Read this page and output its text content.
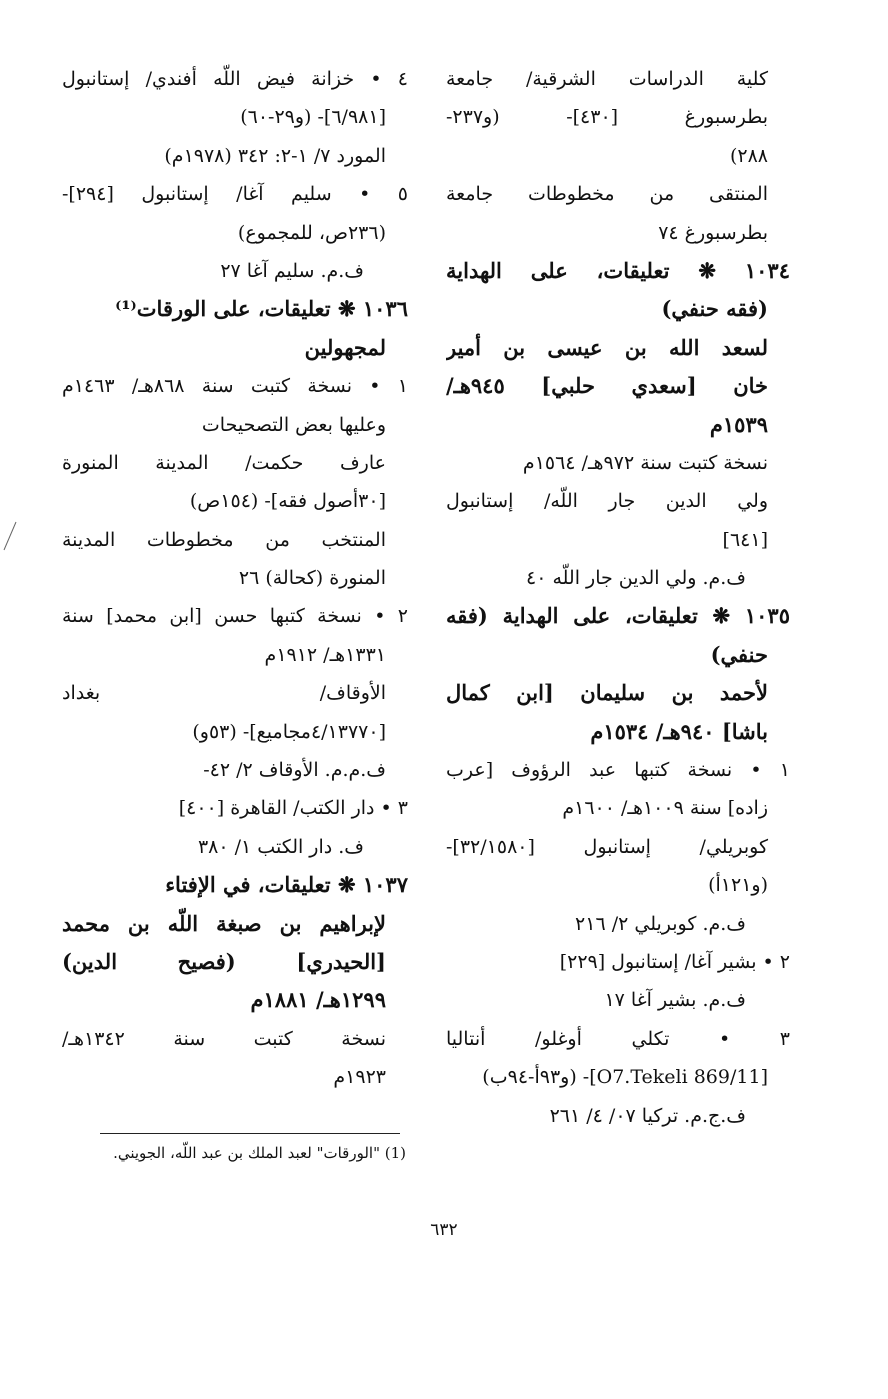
كلية الدراسات الشرقية/ جامعة
بطرسبورغ [٤٣٠]- (و٢٣٧-
٢٨٨)
المنتقى من مخطوطات جامعة
بطرسبورغ ٧٤
١٠٣٤ ❋ تعليقات، على الهداية
(فقه حنفي)
لسعد الله بن عيسى بن أمير
خان [سعدي حلبي] ٩٤٥هـ/
١٥٣٩م
نسخة كتبت سنة ٩٧٢هـ/ ١٥٦٤م
ولي الدين جار اللّه/ إستانبول
[٦٤١]
ف.م. ولي الدين جار اللّه ٤٠
١٠٣٥ ❋ تعليقات، على الهداية (فقه
حنفي)
لأحمد بن سليمان [ابن كمال
باشا] ٩٤٠هـ/ ١٥٣٤م
١ • نسخة كتبها عبد الرؤوف [عرب
زاده] سنة ١٠٠٩هـ/ ١٦٠٠م
كوبريلي/ إستانبول [٣٢/١٥٨٠]-
(و١٢١أ)
ف.م. كوبريلي ٢/ ٢١٦
٢ • بشير آغا/ إستانبول [٢٢٩]
ف.م. بشير آغا ١٧
٣ • تكلي أوغلو/ أنتاليا
[O7.Tekeli 869/11]- (و٩٣أ-٩٤ب)
ف.ج.م. تركيا ٠٧/ ٤/ ٢٦١
٤ • خزانة فيض اللّه أفندي/ إستانبول
[٦/٩٨١]- (و٢٩-٦٠)
المورد ٧/ ١-٢: ٣٤٢ (١٩٧٨م)
٥ • سليم آغا/ إستانبول [٢٩٤]-
(٢٣٦ص، للمجموع)
ف.م. سليم آغا ٢٧
١٠٣٦ ❋ تعليقات، على الورقات⁽¹⁾
لمجهولين
١ • نسخة كتبت سنة ٨٦٨هـ/ ١٤٦٣م
وعليها بعض التصحيحات
عارف حكمت/ المدينة المنورة
[٣٠أصول فقه]- (١٥٤ص)
المنتخب من مخطوطات المدينة
المنورة (كحالة) ٢٦
٢ • نسخة كتبها حسن [ابن محمد] سنة
١٣٣١هـ/ ١٩١٢م
الأوقاف/ بغداد
[٤/١٣٧٧٠مجاميع]- (٥٣و)
ف.م.م. الأوقاف ٢/ ٤٢-
٣ • دار الكتب/ القاهرة [٤٠٠]
ف. دار الكتب ١/ ٣٨٠
١٠٣٧ ❋ تعليقات، في الإفتاء
لإبراهيم بن صبغة اللّه بن محمد
[الحيدري] (فصيح الدين)
١٢٩٩هـ/ ١٨٨١م
نسخة كتبت سنة ١٣٤٢هـ/
١٩٢٣م
(1) "الورقات" لعبد الملك بن عبد اللّه، الجويني.
٦٣٢
